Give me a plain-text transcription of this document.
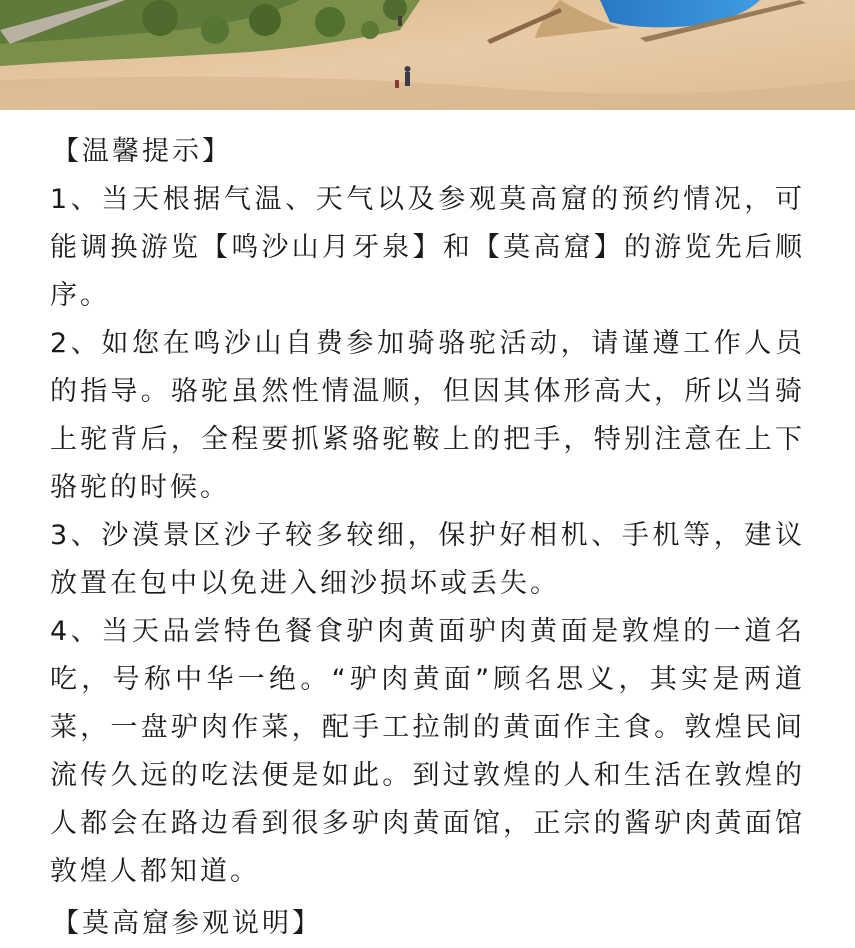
【温馨提示】

1、当天根据气温、天气以及参观莫高窟的预约情况，可能调换游览【鸣沙山月牙泉】和【莫高窟】的游览先后顺序。

2、如您在鸣沙山自费参加骑骆驼活动，请谨遵工作人员的指导。骆驼虽然性情温顺，但因其体形高大，所以当骑上驼背后，全程要抓紧骆驼鞍上的把手，特别注意在上下骆驼的时候。

3、沙漠景区沙子较多较细，保护好相机、手机等，建议放置在包中以免进入细沙损坏或丢失。

4、当天品尝特色餐食驴肉黄面驴肉黄面是敦煌的一道名吃，号称中华一绝。“驴肉黄面”顾名思义，其实是两道菜，一盘驴肉作菜，配手工拉制的黄面作主食。敦煌民间流传久远的吃法便是如此。到过敦煌的人和生活在敦煌的人都会在路边看到很多驴肉黄面馆，正宗的酱驴肉黄面馆敦煌人都知道。

【莫高窟参观说明】
